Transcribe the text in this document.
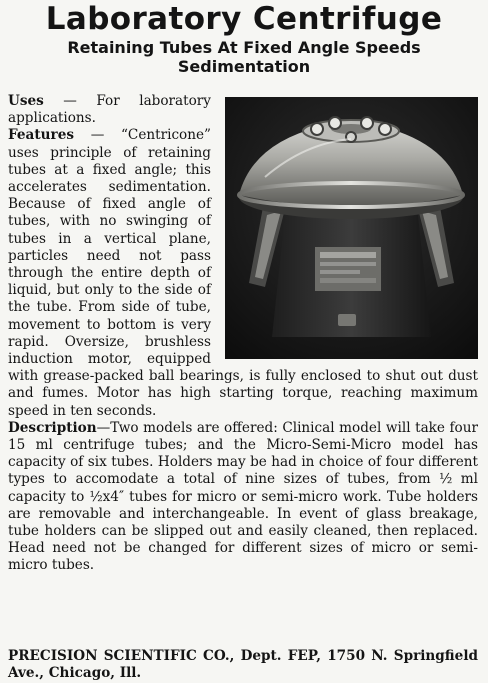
Laboratory Centrifuge
Retaining Tubes At Fixed Angle Speeds
Sedimentation
Uses — For laboratory applications.
Features — “Centricone” uses principle of retaining tubes at a fixed angle; this accelerates sedimentation. Because of fixed angle of tubes, with no swinging of tubes in a vertical plane, particles need not pass through the entire depth of liquid, but only to the side of the tube. From side of tube, movement to bottom is very rapid. Oversize, brushless induction motor, equipped with grease-packed ball bearings, is fully enclosed to shut out dust and fumes. Motor has high starting torque, reaching maximum speed in ten seconds.
Description—Two models are offered: Clinical model will take four 15 ml centrifuge tubes; and the Micro-Semi-Micro model has capacity of six tubes. Holders may be had in choice of four different types to accomodate a total of nine sizes of tubes, from ½ ml capacity to ½x4″ tubes for micro or semi-micro work. Tube holders are removable and interchangeable. In event of glass breakage, tube holders can be slipped out and easily cleaned, then replaced. Head need not be changed for different sizes of micro or semi-micro tubes.
PRECISION SCIENTIFIC CO., Dept. FEP, 1750 N. Springfield Ave., Chicago, Ill.
